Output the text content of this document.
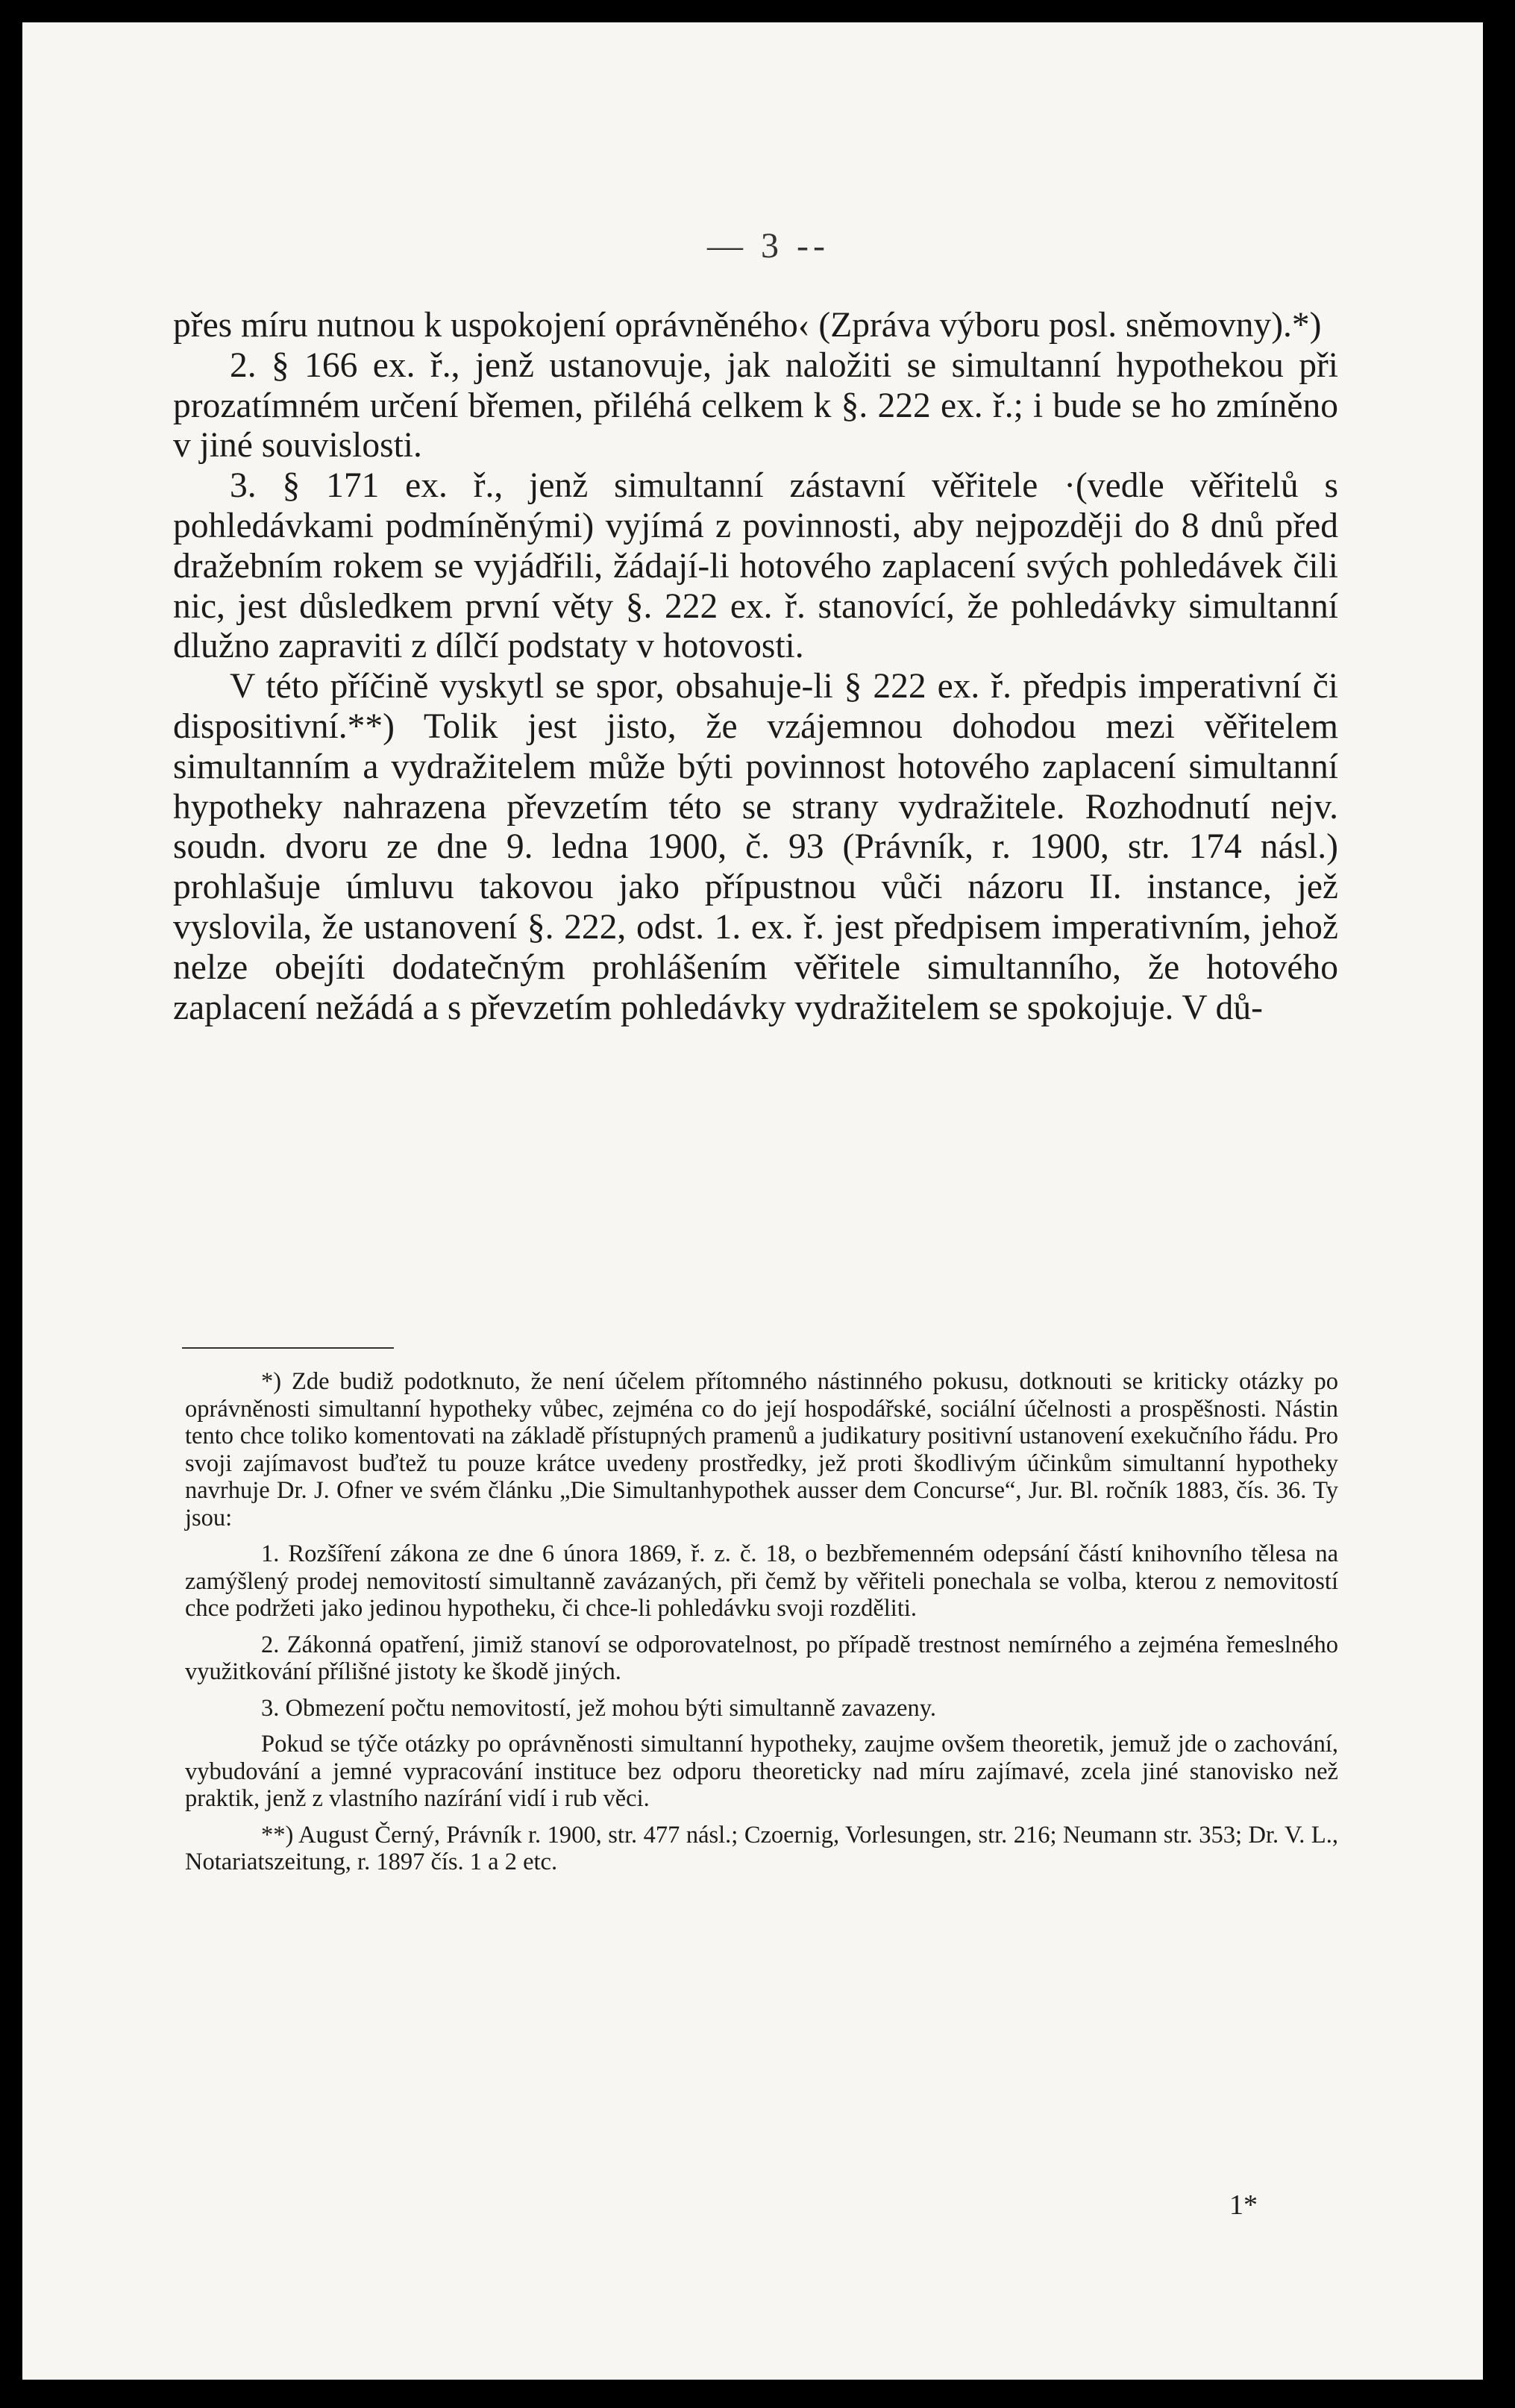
— 3 --

přes míru nutnou k uspokojení oprávněného‹ (Zpráva výboru posl. sněmovny).*)

2. § 166 ex. ř., jenž ustanovuje, jak naložiti se simultanní hypothekou při prozatímném určení břemen, přiléhá celkem k §. 222 ex. ř.; i bude se ho zmíněno v jiné souvislosti.

3. § 171 ex. ř., jenž simultanní zástavní věřitele ·(vedle věřitelů s pohledávkami podmíněnými) vyjímá z povinnosti, aby nejpozději do 8 dnů před dražebním rokem se vyjádřili, žádají-li hotového zaplacení svých pohledávek čili nic, jest důsledkem první věty §. 222 ex. ř. stanovící, že pohledávky simultanní dlužno zapraviti z dílčí podstaty v hotovosti.

V této příčině vyskytl se spor, obsahuje-li § 222 ex. ř. předpis imperativní či dispositivní.**) Tolik jest jisto, že vzájemnou dohodou mezi věřitelem simultanním a vydražitelem může býti povinnost hotového zaplacení simultanní hypotheky nahrazena převzetím této se strany vydražitele. Rozhodnutí nejv. soudn. dvoru ze dne 9. ledna 1900, č. 93 (Právník, r. 1900, str. 174 násl.) prohlašuje úmluvu takovou jako přípustnou vůči názoru II. instance, jež vyslovila, že ustanovení §. 222, odst. 1. ex. ř. jest předpisem imperativním, jehož nelze obejíti dodatečným prohlášením věřitele simultanního, že hotového zaplacení nežádá a s převzetím pohledávky vydražitelem se spokojuje. V dů-

*) Zde budiž podotknuto, že není účelem přítomného nástinného pokusu, dotknouti se kriticky otázky po oprávněnosti simultanní hypotheky vůbec, zejména co do její hospodářské, sociální účelnosti a prospěšnosti. Nástin tento chce toliko komentovati na základě přístupných pramenů a judikatury positivní ustanovení exekučního řádu. Pro svoji zajímavost buďtež tu pouze krátce uvedeny prostředky, jež proti škodlivým účinkům simultanní hypotheky navrhuje Dr. J. Ofner ve svém článku „Die Simultanhypothek ausser dem Concurse“, Jur. Bl. ročník 1883, čís. 36. Ty jsou:

1. Rozšíření zákona ze dne 6 února 1869, ř. z. č. 18, o bezbřemenném odepsání částí knihovního tělesa na zamýšlený prodej nemovitostí simultanně zavázaných, při čemž by věřiteli ponechala se volba, kterou z nemovitostí chce podržeti jako jedinou hypotheku, či chce-li pohledávku svoji rozděliti.

2. Zákonná opatření, jimiž stanoví se odporovatelnost, po případě trestnost nemírného a zejména řemeslného využitkování přílišné jistoty ke škodě jiných.

3. Obmezení počtu nemovitostí, jež mohou býti simultanně zavazeny.

Pokud se týče otázky po oprávněnosti simultanní hypotheky, zaujme ovšem theoretik, jemuž jde o zachování, vybudování a jemné vypracování instituce bez odporu theoreticky nad míru zajímavé, zcela jiné stanovisko než praktik, jenž z vlastního nazírání vidí i rub věci.

**) August Černý, Právník r. 1900, str. 477 násl.; Czoernig, Vorlesungen, str. 216; Neumann str. 353; Dr. V. L., Notariatszeitung, r. 1897 čís. 1 a 2 etc.

1*
